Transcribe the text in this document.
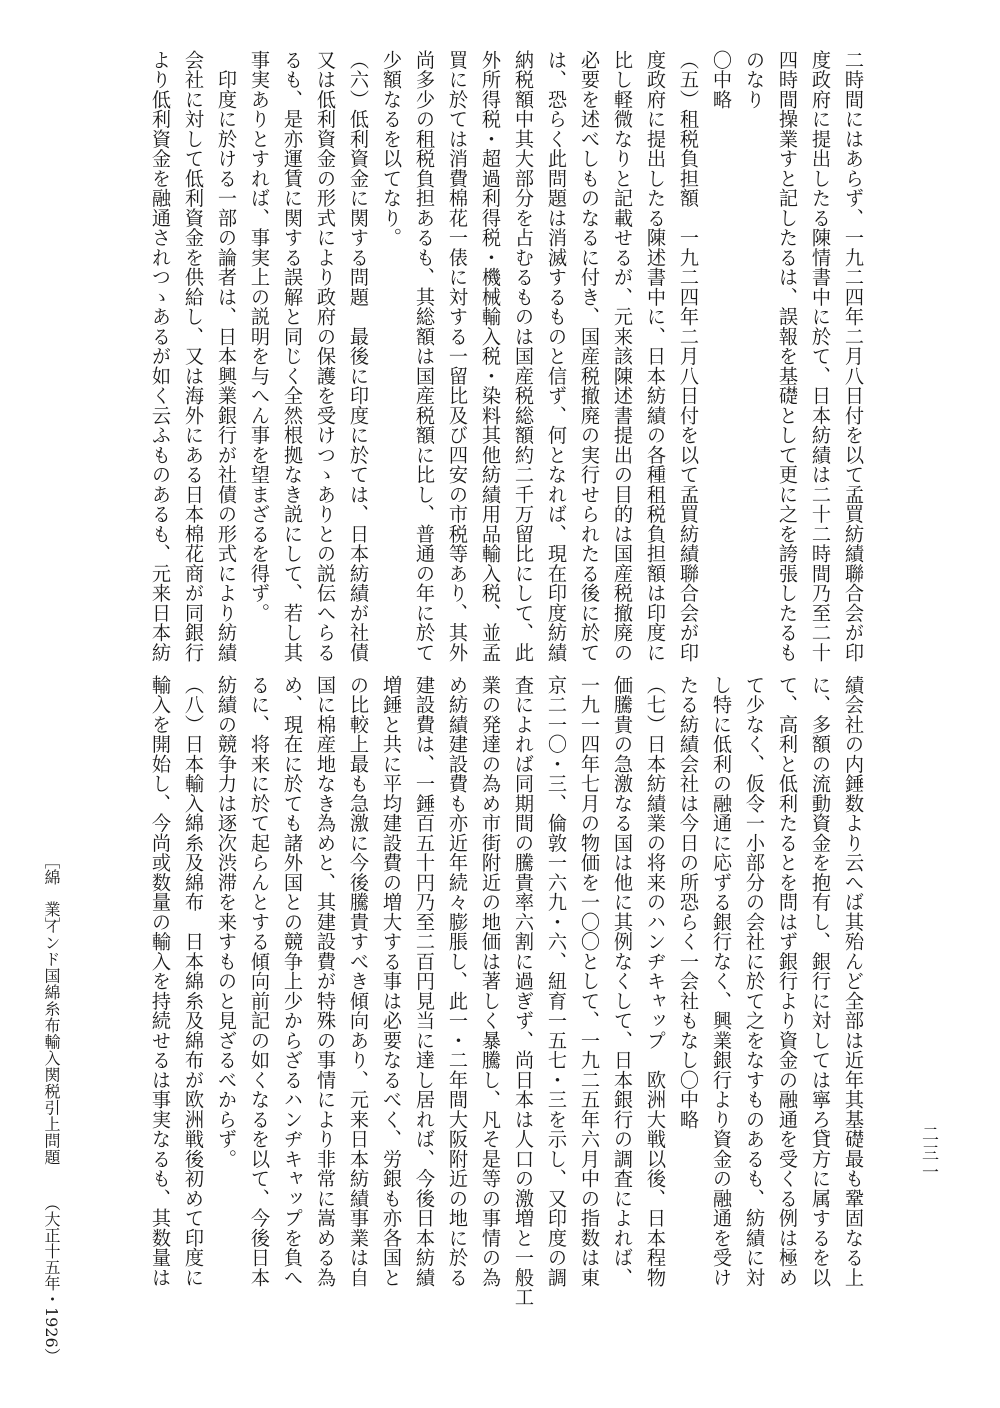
二時間にはあらず、一九二四年二月八日付を以て孟買紡績聯合会が印
度政府に提出したる陳情書中に於て、日本紡績は二十二時間乃至二十
四時間操業すと記したるは、誤報を基礎として更に之を誇張したるも
のなり
〇中略
（五）租税負担額　一九二四年二月八日付を以て孟買紡績聯合会が印
度政府に提出したる陳述書中に、日本紡績の各種租税負担額は印度に
比し軽微なりと記載せるが、元来該陳述書提出の目的は国産税撤廃の
必要を述べしものなるに付き、国産税撤廃の実行せられたる後に於て
は、恐らく此問題は消滅するものと信ず、何となれば、現在印度紡績
納税額中其大部分を占むるものは国産税総額約二千万留比にして、此
外所得税・超過利得税・機械輸入税・染料其他紡績用品輸入税、並孟
買に於ては消費棉花一俵に対する一留比及び四安の市税等あり、其外
尚多少の租税負担あるも、其総額は国産税額に比し、普通の年に於て
少額なるを以てなり。
（六）低利資金に関する問題　最後に印度に於ては、日本紡績が社債
又は低利資金の形式により政府の保護を受けつゝありとの説伝へらる
るも、是亦運賃に関する誤解と同じく全然根拠なき説にして、若し其
事実ありとすれば、事実上の説明を与へん事を望まざるを得ず。
　印度に於ける一部の論者は、日本興業銀行が社債の形式により紡績
会社に対して低利資金を供給し、又は海外にある日本棉花商が同銀行
より低利資金を融通されつゝあるが如く云ふものあるも、元来日本紡
績会社の内錘数より云へば其殆んど全部は近年其基礎最も鞏固なる上
に、多額の流動資金を抱有し、銀行に対しては寧ろ貸方に属するを以
て、高利と低利たるとを問はず銀行より資金の融通を受くる例は極め
て少なく、仮令一小部分の会社に於て之をなすものあるも、紡績に対
し特に低利の融通に応ずる銀行なく、興業銀行より資金の融通を受け
たる紡績会社は今日の所恐らく一会社もなし〇中略
（七）日本紡績業の将来のハンヂキャップ　欧洲大戦以後、日本程物
価騰貴の急激なる国は他に其例なくして、日本銀行の調査によれば、
一九一四年七月の物価を一〇〇として、一九二五年六月中の指数は東
京二一〇・三、倫敦一六九・六、紐育一五七・三を示し、又印度の調
査によれば同期間の騰貴率六割に過ぎず、尚日本は人口の激増と一般工
業の発達の為め市街附近の地価は著しく暴騰し、凡そ是等の事情の為
め紡績建設費も亦近年続々膨脹し、此一・二年間大阪附近の地に於る
建設費は、一錘百五十円乃至二百円見当に達し居れば、今後日本紡績
増錘と共に平均建設費の増大する事は必要なるべく、労銀も亦各国と
の比較上最も急激に今後騰貴すべき傾向あり、元来日本紡績事業は自
国に棉産地なき為めと、其建設費が特殊の事情により非常に嵩める為
め、現在に於ても諸外国との競争上少からざるハンヂキャップを負へ
るに、将来に於て起らんとする傾向前記の如くなるを以て、今後日本
紡績の競争力は逐次渋滞を来すものと見ざるべからず。
（八）日本輸入綿糸及綿布　日本綿糸及綿布が欧洲戦後初めて印度に
輸入を開始し、今尚或数量の輸入を持続せるは事実なるも、其数量は
［綿　業］
インド国綿糸布輸入関税引上問題
（大正十五年・1926）
二三一
